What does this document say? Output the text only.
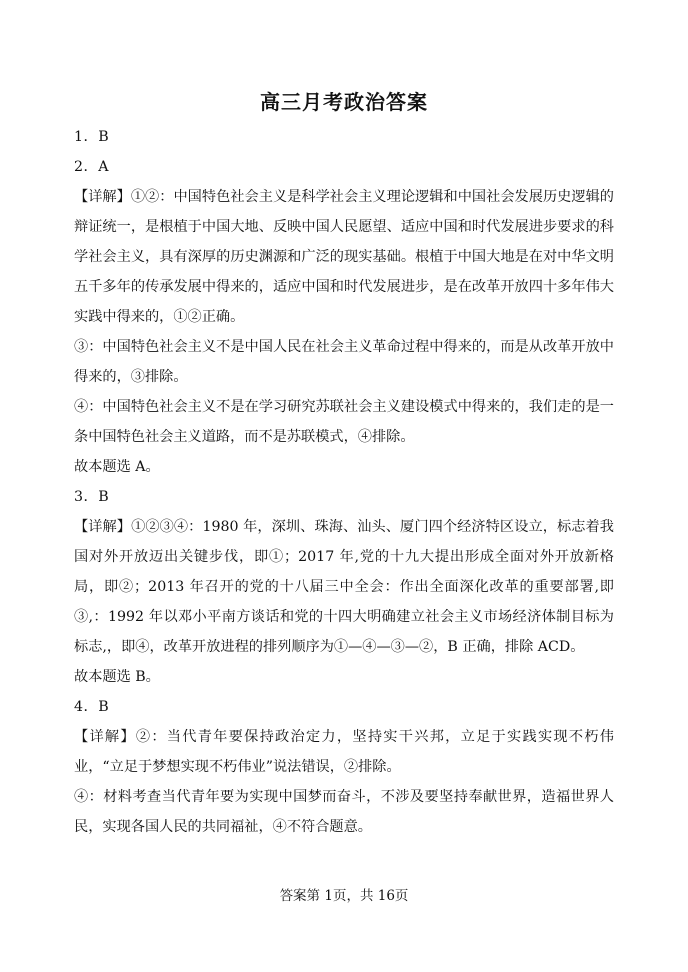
高三月考政治答案

1．B

2．A

【详解】①②：中国特色社会主义是科学社会主义理论逻辑和中国社会发展历史逻辑的辩证统一，是根植于中国大地、反映中国人民愿望、适应中国和时代发展进步要求的科学社会主义，具有深厚的历史渊源和广泛的现实基础。根植于中国大地是在对中华文明五千多年的传承发展中得来的，适应中国和时代发展进步，是在改革开放四十多年伟大实践中得来的，①②正确。

③：中国特色社会主义不是中国人民在社会主义革命过程中得来的，而是从改革开放中得来的，③排除。

④：中国特色社会主义不是在学习研究苏联社会主义建设模式中得来的，我们走的是一条中国特色社会主义道路，而不是苏联模式，④排除。

故本题选 A。

3．B

【详解】①②③④：1980 年，深圳、珠海、汕头、厦门四个经济特区设立，标志着我国对外开放迈出关键步伐，即①；2017 年,党的十九大提出形成全面对外开放新格局，即②；2013 年召开的党的十八届三中全会：作出全面深化改革的重要部署,即③,：1992 年以邓小平南方谈话和党的十四大明确建立社会主义市场经济体制目标为标志,，即④，改革开放进程的排列顺序为①—④—③—②，B 正确，排除 ACD。

故本题选 B。

4．B

【详解】②：当代青年要保持政治定力，坚持实干兴邦，立足于实践实现不朽伟业，“立足于梦想实现不朽伟业”说法错误，②排除。

④：材料考查当代青年要为实现中国梦而奋斗，不涉及要坚持奉献世界，造福世界人民，实现各国人民的共同福祉，④不符合题意。

答案第 1页，共 16页
